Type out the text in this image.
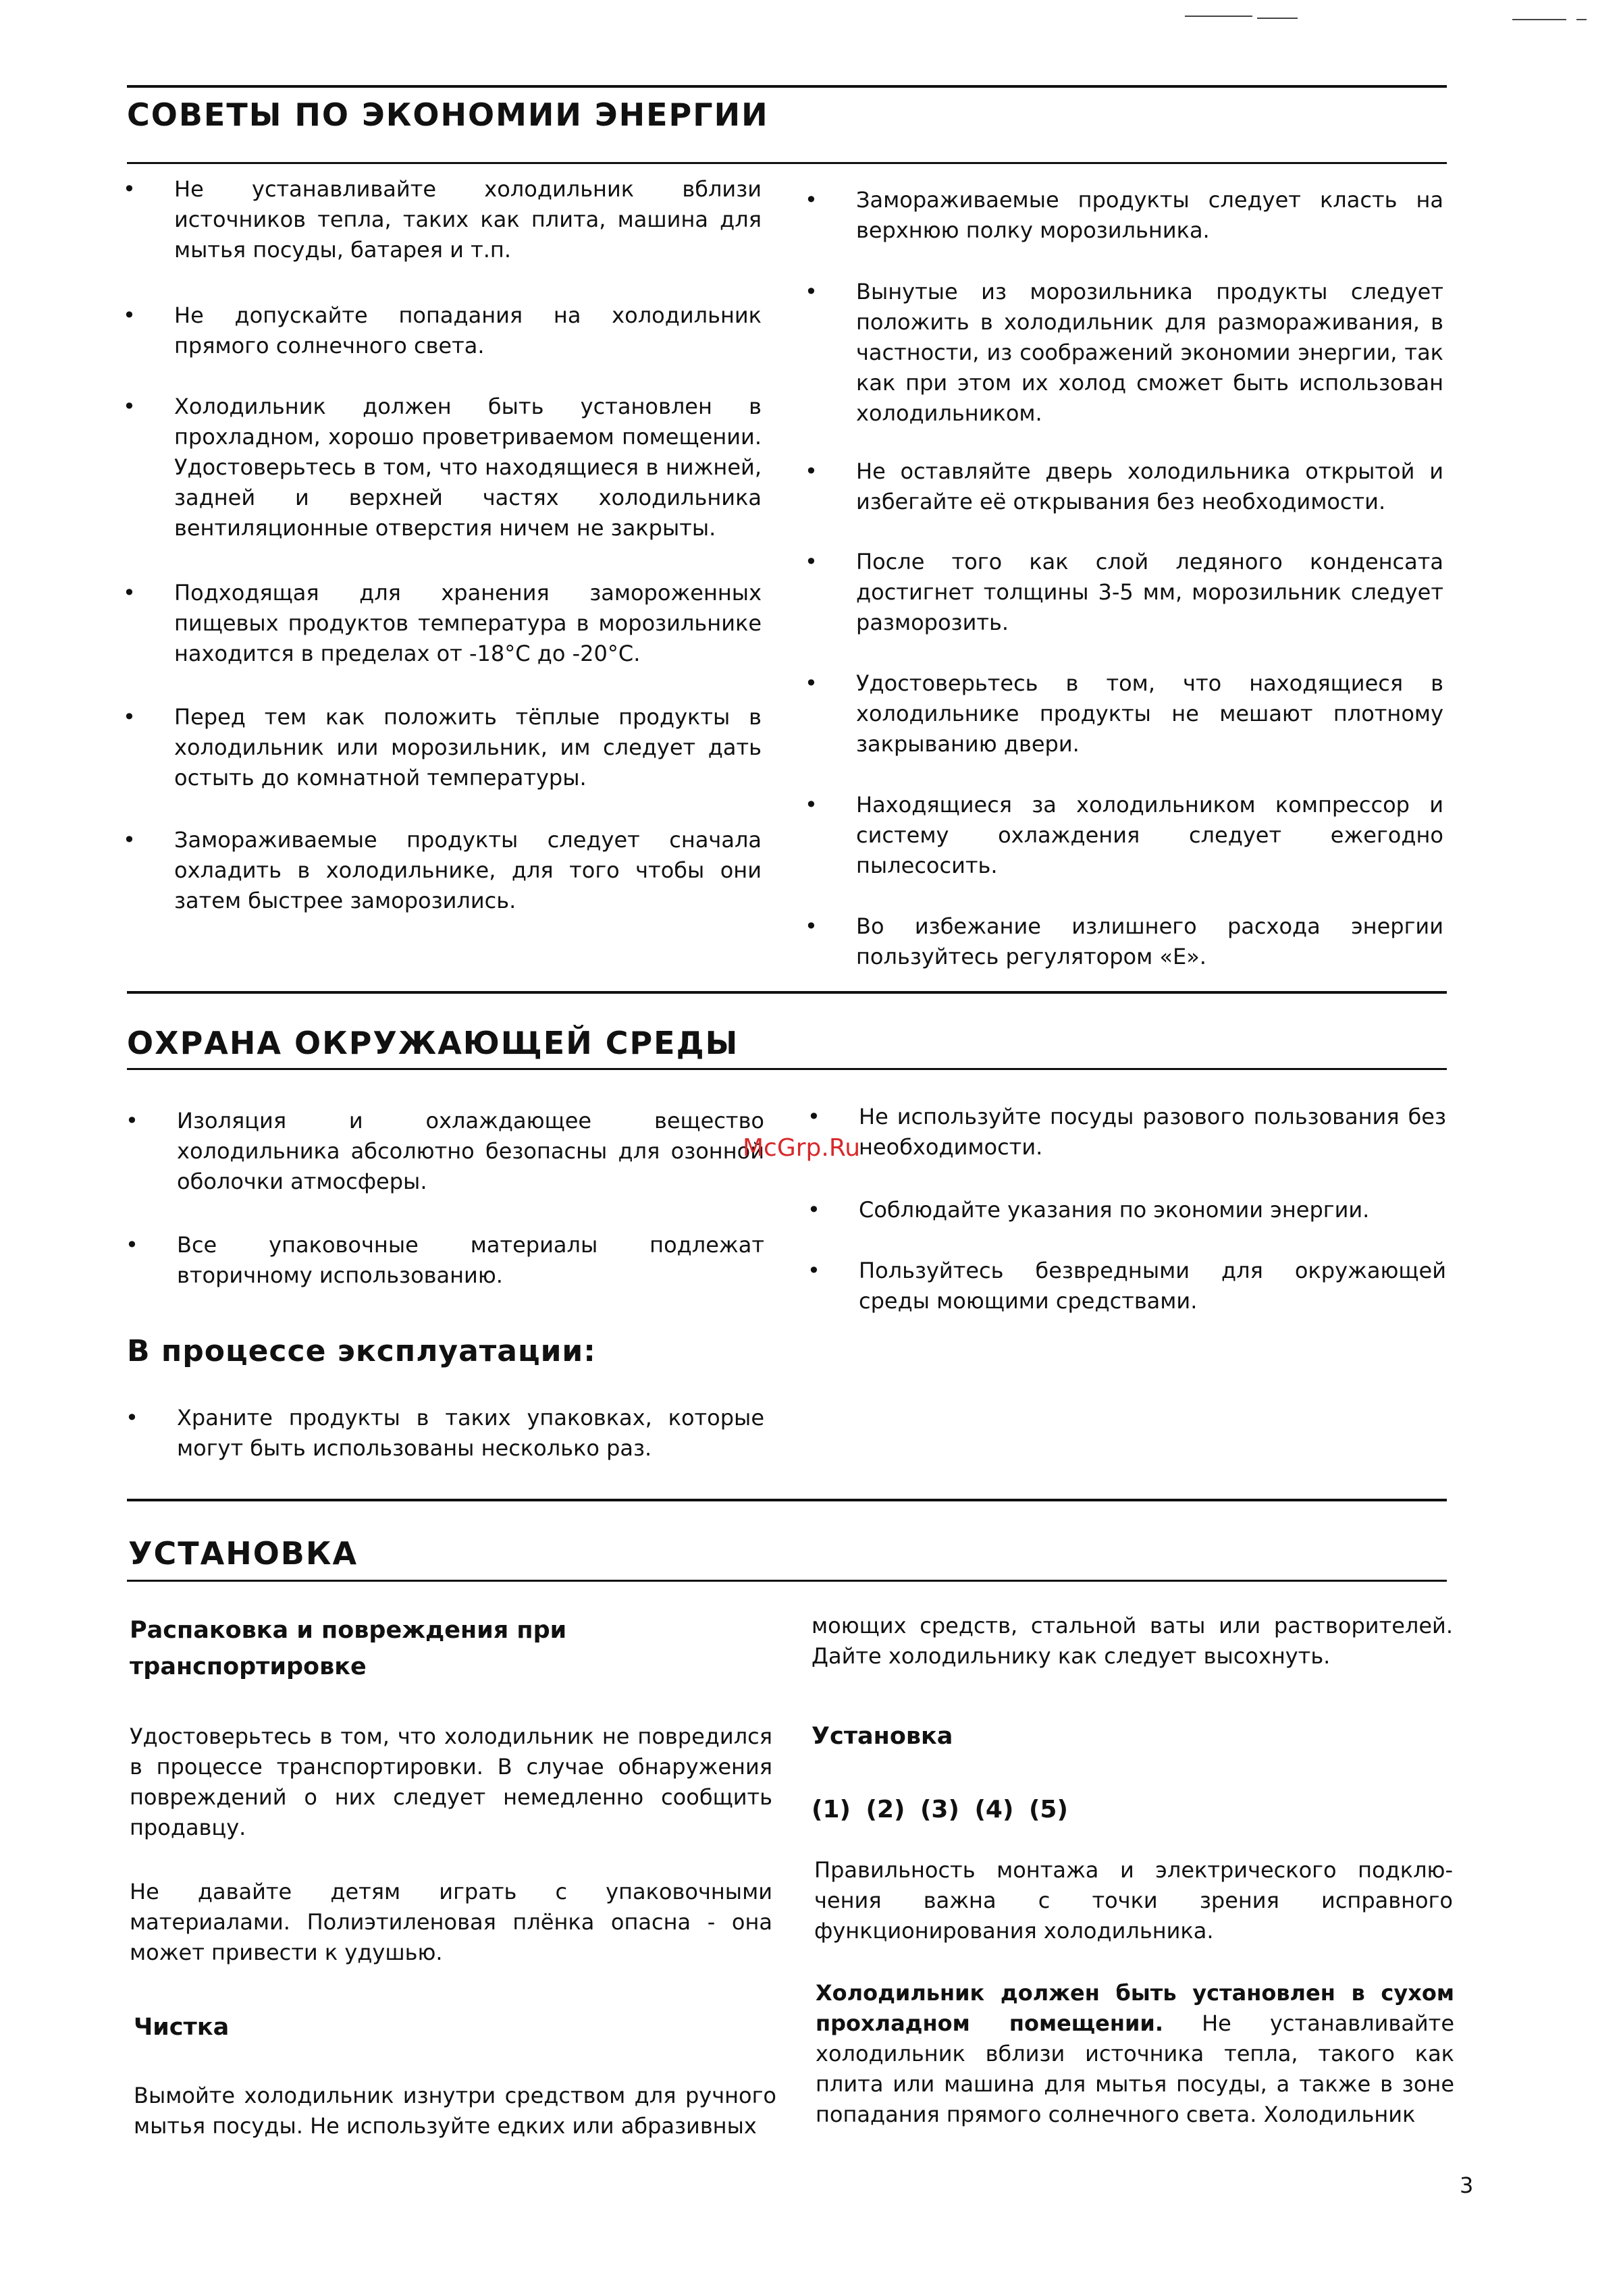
СОВЕТЫ ПО ЭКОНОМИИ ЭНЕРГИИ
• Не устанавливайте холодильник вблизи источников тепла, таких как плита, машина для мытья посуды, батарея и т.п.
• Не допускайте попадания на холодильник прямого солнечного света.
• Холодильник должен быть установлен в прохладном, хорошо проветриваемом помещении. Удостоверьтесь в том, что находящиеся в нижней, задней и верхней частях холодильника вентиляционные отверстия ничем не закрыты.
• Подходящая для хранения замороженных пищевых продуктов температура в морозильнике находится в пределах от -18°С до -20°С.
• Перед тем как положить тёплые продукты в холодильник или морозильник, им следует дать остыть до комнатной температуры.
• Замораживаемые продукты следует сначала охладить в холодильнике, для того чтобы они затем быстрее заморозились.
• Замораживаемые продукты следует класть на верхнюю полку морозильника.
• Вынутые из морозильника продукты следует положить в холодильник для размораживания, в частности, из соображений экономии энергии, так как при этом их холод сможет быть использован холодильником.
• Не оставляйте дверь холодильника открытой и избегайте её открывания без необходимости.
• После того как слой ледяного конденсата достигнет толщины 3-5 мм, морозильник следует разморозить.
• Удостоверьтесь в том, что находящиеся в холодильнике продукты не мешают плотному закрыванию двери.
• Находящиеся за холодильником компрессор и систему охлаждения следует ежегодно пылесосить.
• Во избежание излишнего расхода энергии пользуйтесь регулятором «Е».
ОХРАНА ОКРУЖАЮЩЕЙ СРЕДЫ
• Изоляция и охлаждающее вещество холодильника абсолютно безопасны для озонной оболочки атмосферы.
• Все упаковочные материалы подлежат вторичному использованию.
В процессе эксплуатации:
• Храните продукты в таких упаковках, которые могут быть использованы несколько раз.
• Не используйте посуды разового пользования без необходимости.
• Соблюдайте указания по экономии энергии.
• Пользуйтесь безвредными для окружающей среды моющими средствами.
McGrp.Ru
УСТАНОВКА
Распаковка и повреждения при транспортировке
Удостоверьтесь в том, что холодильник не повредился в процессе транспортировки. В случае обнаружения повреждений о них следует немедленно сообщить продавцу.
Не давайте детям играть с упаковочными материалами. Полиэтиленовая плёнка опасна - она может привести к удушью.
Чистка
Вымойте холодильник изнутри средством для ручного мытья посуды. Не используйте едких или абразивных
моющих средств, стальной ваты или растворителей. Дайте холодильнику как следует высохнуть.
Установка
(1) (2) (3) (4) (5)
Правильность монтажа и электрического подключения важна с точки зрения исправного функционирования холодильника.
Холодильник должен быть установлен в сухом прохладном помещении. Не устанавливайте холодильник вблизи источника тепла, такого как плита или машина для мытья посуды, а также в зоне попадания прямого солнечного света. Холодильник
3
